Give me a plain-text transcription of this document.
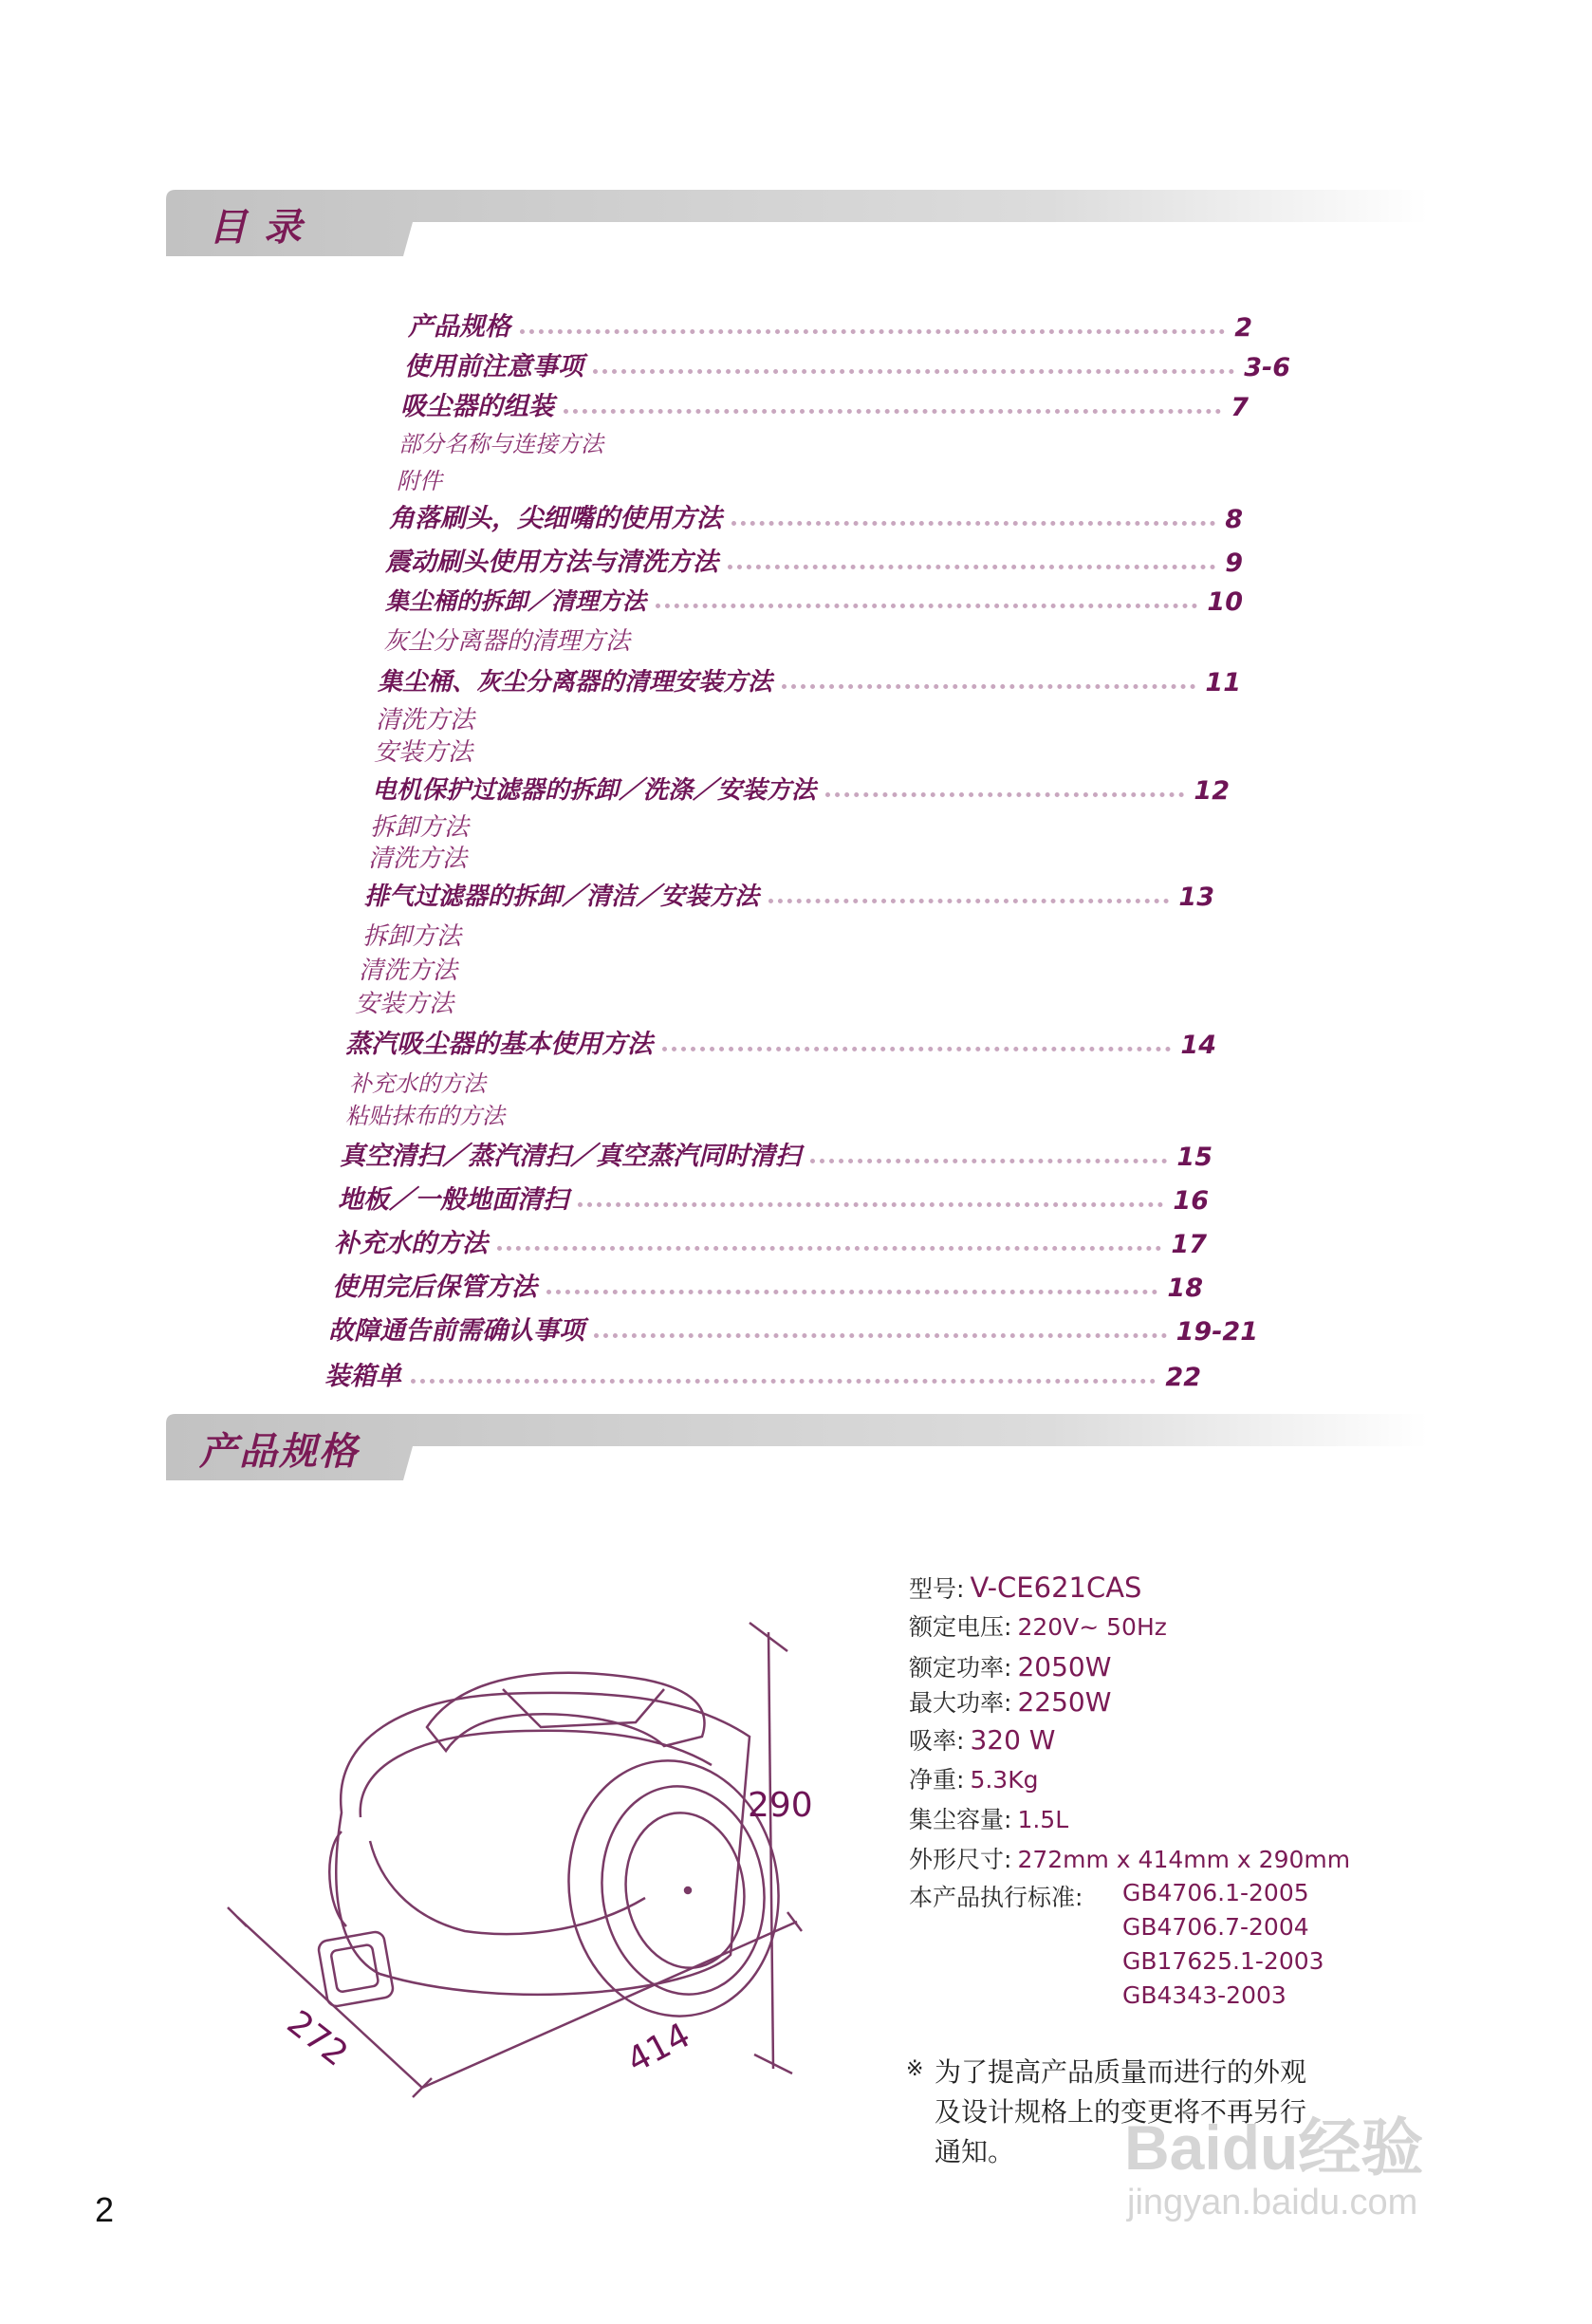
目 录
产品规格	2
使用前注意事项	3-6
吸尘器的组装	7
部分名称与连接方法
附件
角落刷头，尖细嘴的使用方法	8
震动刷头使用方法与清洗方法	9
集尘桶的拆卸／清理方法	10
灰尘分离器的清理方法
集尘桶、灰尘分离器的清理安装方法	11
清洗方法
安装方法
电机保护过滤器的拆卸／洗涤／安装方法	12
拆卸方法
清洗方法
排气过滤器的拆卸／清洁／安装方法	13
拆卸方法
清洗方法
安装方法
蒸汽吸尘器的基本使用方法	14
补充水的方法
粘贴抹布的方法
真空清扫／蒸汽清扫／真空蒸汽同时清扫	15
地板／一般地面清扫	16
补充水的方法	17
使用完后保管方法	18
故障通告前需确认事项	19-21
装箱单	22
产品规格
290
272	414
型号: V-CE621CAS
额定电压: 220V~ 50Hz
额定功率: 2050W
最大功率: 2250W
吸率: 320 W
净重: 5.3Kg
集尘容量: 1.5L
外形尺寸: 272mm x 414mm x 290mm
本产品执行标准: GB4706.1-2005
GB4706.7-2004
GB17625.1-2003
GB4343-2003
※ 为了提高产品质量而进行的外观
及设计规格上的变更将不再另行
通知。 Baidu经验
jingyan.baidu.com
2
